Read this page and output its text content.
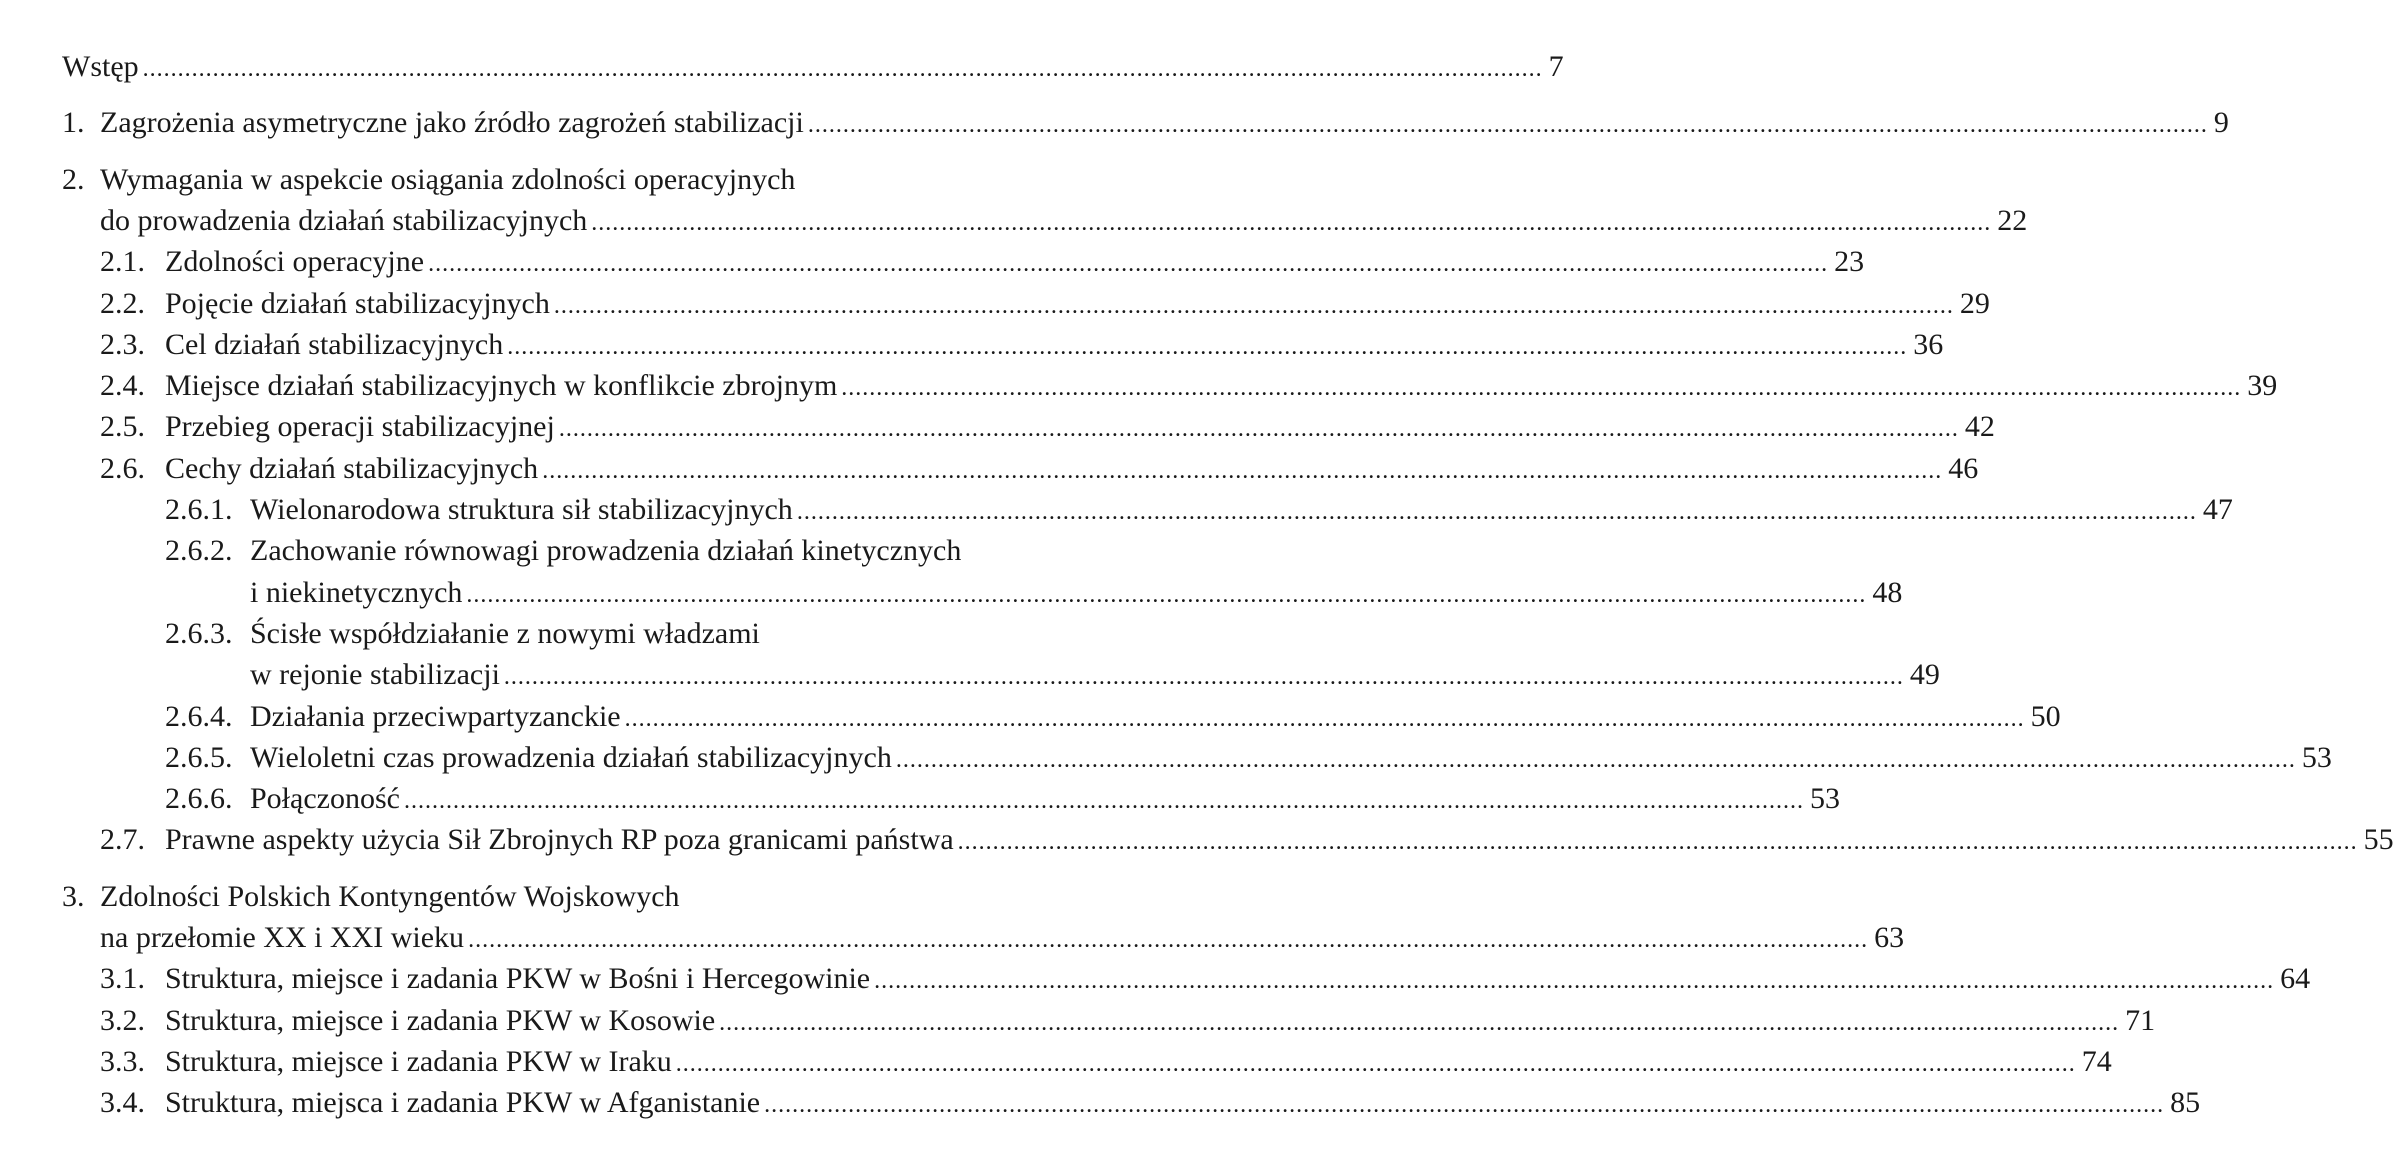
Wstęp ........................................................................................................................................................................................................ 7
1. Zagrożenia asymetryczne jako źródło zagrożeń stabilizacji ........................................................................................................................................................................................................ 9
2. Wymagania w aspekcie osiągania zdolności operacyjnych
do prowadzenia działań stabilizacyjnych ........................................................................................................................................................................................................ 22
2.1. Zdolności operacyjne ........................................................................................................................................................................................................ 23
2.2. Pojęcie działań stabilizacyjnych ........................................................................................................................................................................................................ 29
2.3. Cel działań stabilizacyjnych ........................................................................................................................................................................................................ 36
2.4. Miejsce działań stabilizacyjnych w konflikcie zbrojnym ........................................................................................................................................................................................................ 39
2.5. Przebieg operacji stabilizacyjnej ........................................................................................................................................................................................................ 42
2.6. Cechy działań stabilizacyjnych ........................................................................................................................................................................................................ 46
2.6.1. Wielonarodowa struktura sił stabilizacyjnych ........................................................................................................................................................................................................ 47
2.6.2. Zachowanie równowagi prowadzenia działań kinetycznych
i niekinetycznych ........................................................................................................................................................................................................ 48
2.6.3. Ścisłe współdziałanie z nowymi władzami
w rejonie stabilizacji ........................................................................................................................................................................................................ 49
2.6.4. Działania przeciwpartyzanckie ........................................................................................................................................................................................................ 50
2.6.5. Wieloletni czas prowadzenia działań stabilizacyjnych ........................................................................................................................................................................................................ 53
2.6.6. Połączoność ........................................................................................................................................................................................................ 53
2.7. Prawne aspekty użycia Sił Zbrojnych RP poza granicami państwa ........................................................................................................................................................................................................ 55
3. Zdolności Polskich Kontyngentów Wojskowych
na przełomie XX i XXI wieku ........................................................................................................................................................................................................ 63
3.1. Struktura, miejsce i zadania PKW w Bośni i Hercegowinie ........................................................................................................................................................................................................ 64
3.2. Struktura, miejsce i zadania PKW w Kosowie ........................................................................................................................................................................................................ 71
3.3. Struktura, miejsce i zadania PKW w Iraku ........................................................................................................................................................................................................ 74
3.4. Struktura, miejsca i zadania PKW w Afganistanie ........................................................................................................................................................................................................ 85
